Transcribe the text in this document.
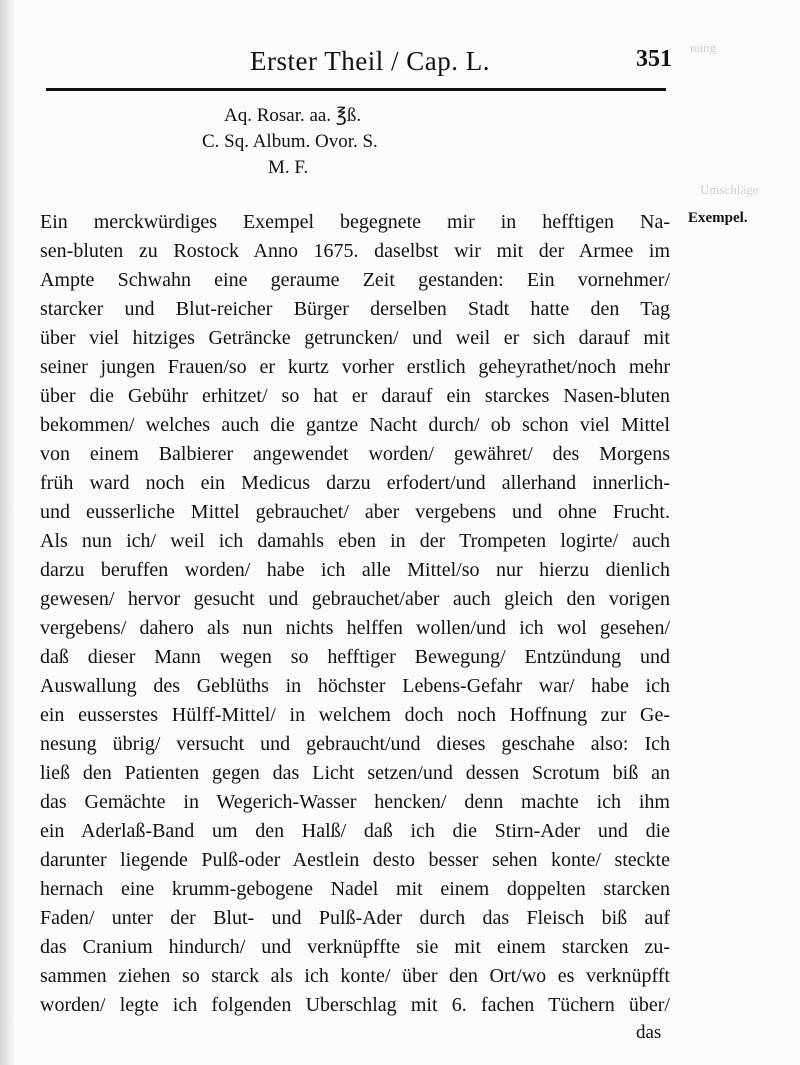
nung
Umschläge
Erster Theil / Cap. L.	351
Aq. Rosar. aa. ℥ß.
C. Sq. Album. Ovor. S.
M. F.
Exempel.
Ein merckwürdiges Exempel begegnete mir in hefftigen Na-
sen-bluten zu Rostock Anno 1675. daselbst wir mit der Armee im
Ampte Schwahn eine geraume Zeit gestanden: Ein vornehmer/
starcker und Blut-reicher Bürger derselben Stadt hatte den Tag
über viel hitziges Geträncke getruncken/ und weil er sich darauf mit
seiner jungen Frauen/so er kurtz vorher erstlich geheyrathet/noch mehr
über die Gebühr erhitzet/ so hat er darauf ein starckes Nasen-bluten
bekommen/ welches auch die gantze Nacht durch/ ob schon viel Mittel
von einem Balbierer angewendet worden/ gewähret/ des Morgens
früh ward noch ein Medicus darzu erfodert/und allerhand innerlich-
und eusserliche Mittel gebrauchet/ aber vergebens und ohne Frucht.
Als nun ich/ weil ich damahls eben in der Trompeten logirte/ auch
darzu beruffen worden/ habe ich alle Mittel/so nur hierzu dienlich
gewesen/ hervor gesucht und gebrauchet/aber auch gleich den vorigen
vergebens/ dahero als nun nichts helffen wollen/und ich wol gesehen/
daß dieser Mann wegen so hefftiger Bewegung/ Entzündung und
Auswallung des Geblüths in höchster Lebens-Gefahr war/ habe ich
ein eusserstes Hülff-Mittel/ in welchem doch noch Hoffnung zur Ge-
nesung übrig/ versucht und gebraucht/und dieses geschahe also: Ich
ließ den Patienten gegen das Licht setzen/und dessen Scrotum biß an
das Gemächte in Wegerich-Wasser hencken/ denn machte ich ihm
ein Aderlaß-Band um den Halß/ daß ich die Stirn-Ader und die
darunter liegende Pulß-oder Aestlein desto besser sehen konte/ steckte
hernach eine krumm-gebogene Nadel mit einem doppelten starcken
Faden/ unter der Blut- und Pulß-Ader durch das Fleisch biß auf
das Cranium hindurch/ und verknüpffte sie mit einem starcken zu-
sammen ziehen so starck als ich konte/ über den Ort/wo es verknüpfft
worden/ legte ich folgenden Uberschlag mit 6. fachen Tüchern über/
das
